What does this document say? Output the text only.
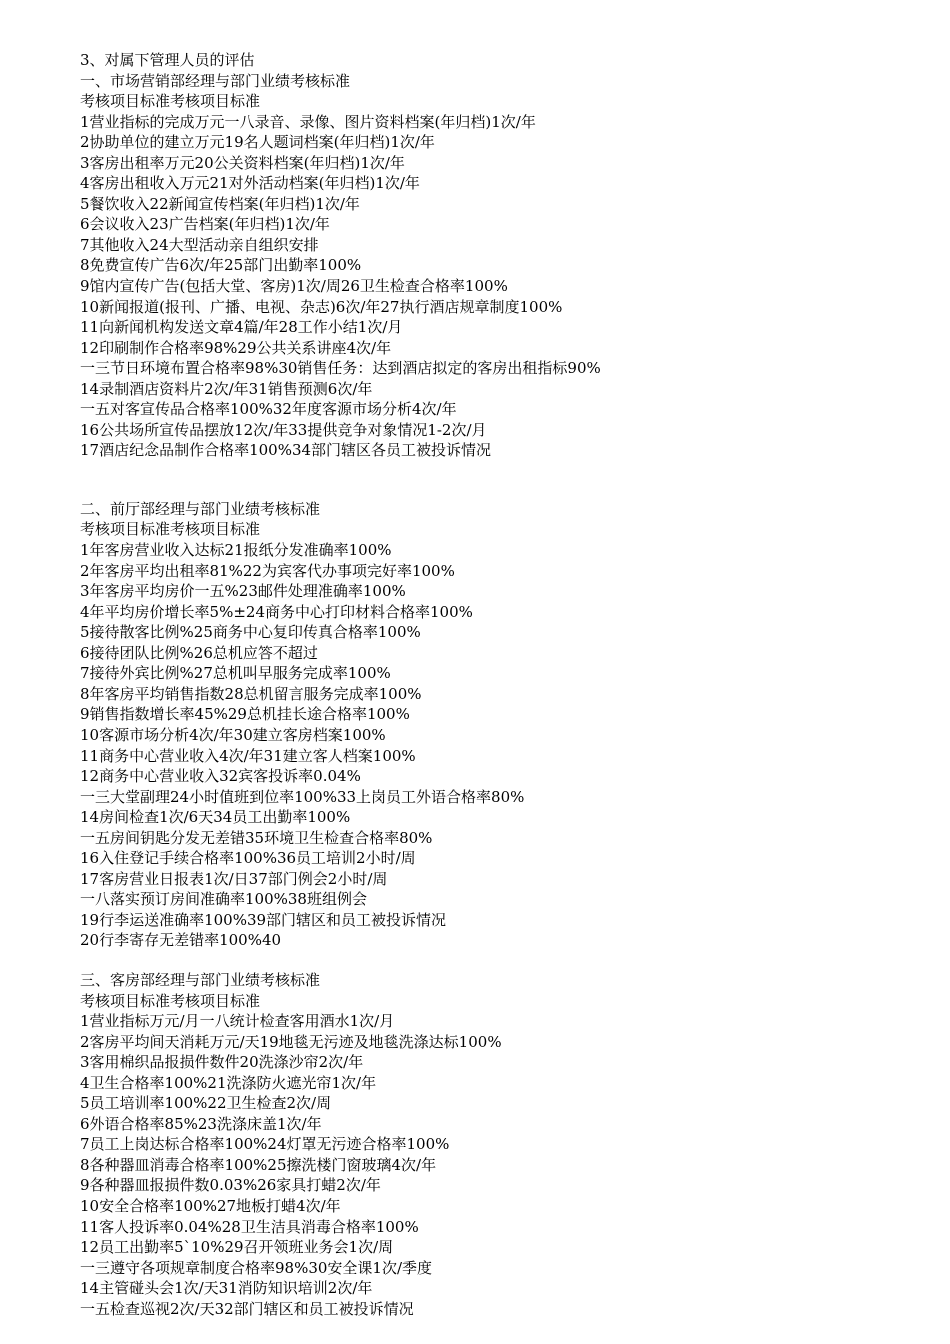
3、对属下管理人员的评估
一、市场营销部经理与部门业绩考核标准
考核项目标准考核项目标准
1营业指标的完成万元一八录音、录像、图片资料档案(年归档)1次/年
2协助单位的建立万元19名人题词档案(年归档)1次/年
3客房出租率万元20公关资料档案(年归档)1次/年
4客房出租收入万元21对外活动档案(年归档)1次/年
5餐饮收入22新闻宣传档案(年归档)1次/年
6会议收入23广告档案(年归档)1次/年
7其他收入24大型活动亲自组织安排
8免费宣传广告6次/年25部门出勤率100%
9馆内宣传广告(包括大堂、客房)1次/周26卫生检查合格率100%
10新闻报道(报刊、广播、电视、杂志)6次/年27执行酒店规章制度100%
11向新闻机构发送文章4篇/年28工作小结1次/月
12印刷制作合格率98%29公共关系讲座4次/年
一三节日环境布置合格率98%30销售任务：达到酒店拟定的客房出租指标90%
14录制酒店资料片2次/年31销售预测6次/年
一五对客宣传品合格率100%32年度客源市场分析4次/年
16公共场所宣传品摆放12次/年33提供竞争对象情况1-2次/月
17酒店纪念品制作合格率100%34部门辖区各员工被投诉情况
二、前厅部经理与部门业绩考核标准
考核项目标准考核项目标准
1年客房营业收入达标21报纸分发准确率100%
2年客房平均出租率81%22为宾客代办事项完好率100%
3年客房平均房价一五%23邮件处理准确率100%
4年平均房价增长率5%±24商务中心打印材料合格率100%
5接待散客比例%25商务中心复印传真合格率100%
6接待团队比例%26总机应答不超过
7接待外宾比例%27总机叫早服务完成率100%
8年客房平均销售指数28总机留言服务完成率100%
9销售指数增长率45%29总机挂长途合格率100%
10客源市场分析4次/年30建立客房档案100%
11商务中心营业收入4次/年31建立客人档案100%
12商务中心营业收入32宾客投诉率0.04%
一三大堂副理24小时值班到位率100%33上岗员工外语合格率80%
14房间检查1次/6天34员工出勤率100%
一五房间钥匙分发无差错35环境卫生检查合格率80%
16入住登记手续合格率100%36员工培训2小时/周
17客房营业日报表1次/日37部门例会2小时/周
一八落实预订房间准确率100%38班组例会
19行李运送准确率100%39部门辖区和员工被投诉情况
20行李寄存无差错率100%40
三、客房部经理与部门业绩考核标准
考核项目标准考核项目标准
1营业指标万元/月一八统计检查客用酒水1次/月
2客房平均间天消耗万元/天19地毯无污迹及地毯洗涤达标100%
3客用棉织品报损件数件20洗涤沙帘2次/年
4卫生合格率100%21洗涤防火遮光帘1次/年
5员工培训率100%22卫生检查2次/周
6外语合格率85%23洗涤床盖1次/年
7员工上岗达标合格率100%24灯罩无污迹合格率100%
8各种器皿消毒合格率100%25擦洗楼门窗玻璃4次/年
9各种器皿报损件数0.03%26家具打蜡2次/年
10安全合格率100%27地板打蜡4次/年
11客人投诉率0.04%28卫生洁具消毒合格率100%
12员工出勤率5`10%29召开领班业务会1次/周
一三遵守各项规章制度合格率98%30安全课1次/季度
14主管碰头会1次/天31消防知识培训2次/年
一五检查巡视2次/天32部门辖区和员工被投诉情况
